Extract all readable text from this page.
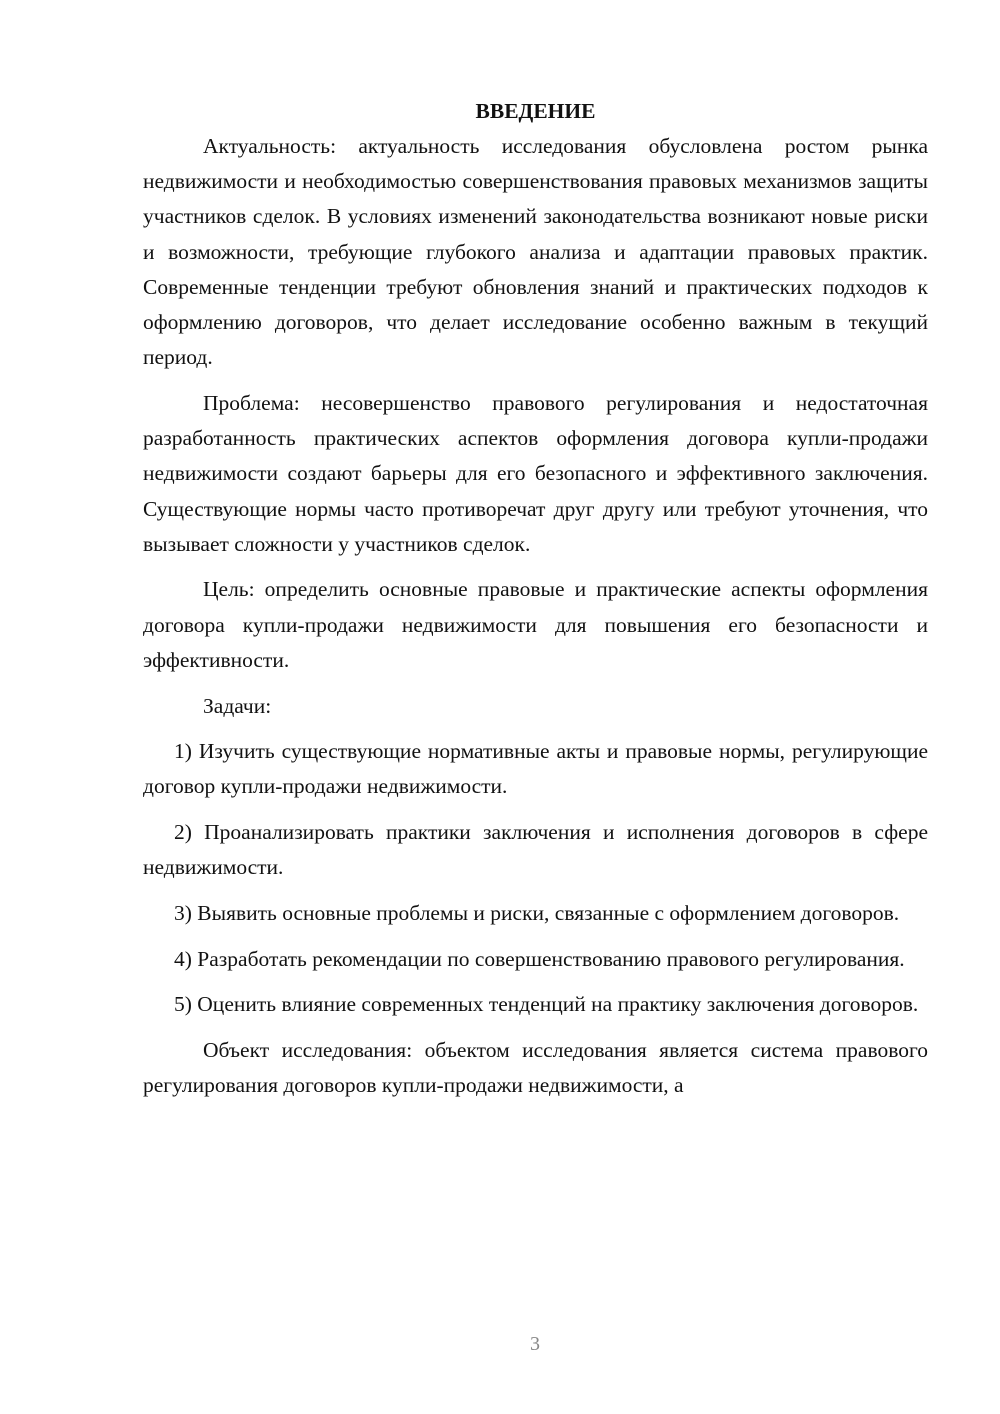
ВВЕДЕНИЕ

Актуальность: актуальность исследования обусловлена ростом рынка недвижимости и необходимостью совершенствования правовых механизмов защиты участников сделок. В условиях изменений законодательства возникают новые риски и возможности, требующие глубокого анализа и адаптации правовых практик. Современные тенденции требуют обновления знаний и практических подходов к оформлению договоров, что делает исследование особенно важным в текущий период.

Проблема: несовершенство правового регулирования и недостаточная разработанность практических аспектов оформления договора купли-продажи недвижимости создают барьеры для его безопасного и эффективного заключения. Существующие нормы часто противоречат друг другу или требуют уточнения, что вызывает сложности у участников сделок.

Цель: определить основные правовые и практические аспекты оформления договора купли-продажи недвижимости для повышения его безопасности и эффективности.

Задачи:

1) Изучить существующие нормативные акты и правовые нормы, регулирующие договор купли-продажи недвижимости.

2) Проанализировать практики заключения и исполнения договоров в сфере недвижимости.

3) Выявить основные проблемы и риски, связанные с оформлением договоров.

4) Разработать рекомендации по совершенствованию правового регулирования.

5) Оценить влияние современных тенденций на практику заключения договоров.

Объект исследования: объектом исследования является система правового регулирования договоров купли-продажи недвижимости, а

3
